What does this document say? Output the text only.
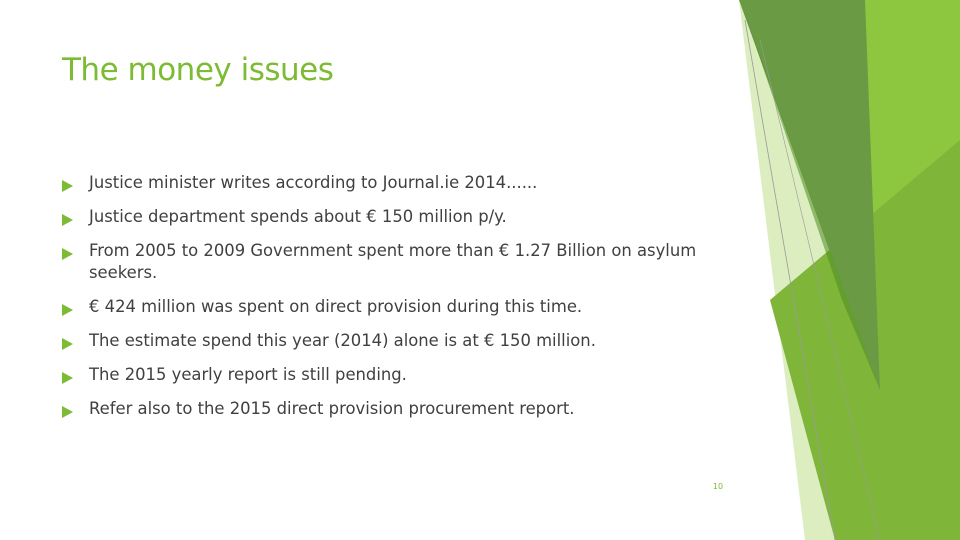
The money issues
Justice minister writes according to Journal.ie 2014......
Justice department spends about € 150 million p/y.
From 2005 to 2009 Government spent more than € 1.27 Billion on asylum seekers.
€ 424 million was spent on direct provision during this time.
The estimate spend this year (2014) alone is at € 150 million.
The 2015 yearly report is still pending.
Refer also to the 2015 direct provision procurement report.
10
